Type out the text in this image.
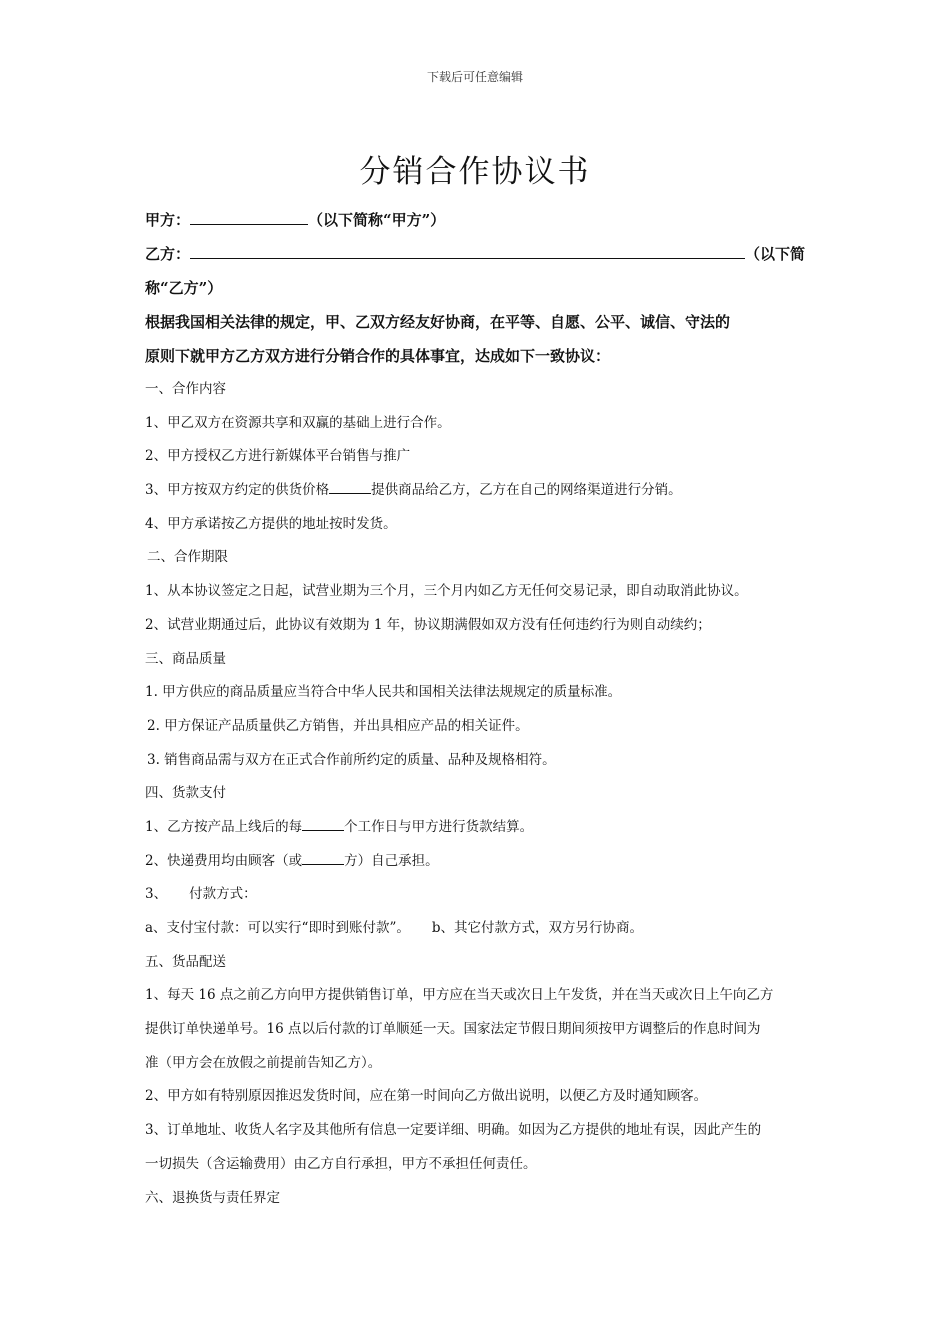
下载后可任意编辑
分销合作协议书
甲方：	（以下简称“甲方”）
乙方：	（以下简
称“乙方”）
根据我国相关法律的规定，甲、乙双方经友好协商，在平等、自愿、公平、诚信、守法的
原则下就甲方乙方双方进行分销合作的具体事宜，达成如下一致协议：
一、合作内容
1、甲乙双方在资源共享和双赢的基础上进行合作。
2、甲方授权乙方进行新媒体平台销售与推广
3、甲方按双方约定的供货价格	提供商品给乙方，乙方在自己的网络渠道进行分销。
4、甲方承诺按乙方提供的地址按时发货。
二、合作期限
1、从本协议签定之日起，试营业期为三个月，三个月内如乙方无任何交易记录，即自动取消此协议。
2、试营业期通过后，此协议有效期为 1 年，协议期满假如双方没有任何违约行为则自动续约；
三、商品质量
1. 甲方供应的商品质量应当符合中华人民共和国相关法律法规规定的质量标准。
2. 甲方保证产品质量供乙方销售，并出具相应产品的相关证件。
3. 销售商品需与双方在正式合作前所约定的质量、品种及规格相符。
四、货款支付
1、乙方按产品上线后的每	个工作日与甲方进行货款结算。
2、快递费用均由顾客（或	方）自己承担。
3、 付款方式：
a、支付宝付款：可以实行“即时到账付款”。 b、其它付款方式，双方另行协商。
五、货品配送
1、每天 16 点之前乙方向甲方提供销售订单，甲方应在当天或次日上午发货，并在当天或次日上午向乙方
提供订单快递单号。16 点以后付款的订单顺延一天。国家法定节假日期间须按甲方调整后的作息时间为
准（甲方会在放假之前提前告知乙方）。
2、甲方如有特别原因推迟发货时间，应在第一时间向乙方做出说明，以便乙方及时通知顾客。
3、订单地址、收货人名字及其他所有信息一定要详细、明确。如因为乙方提供的地址有误，因此产生的
一切损失（含运输费用）由乙方自行承担，甲方不承担任何责任。
六、退换货与责任界定
